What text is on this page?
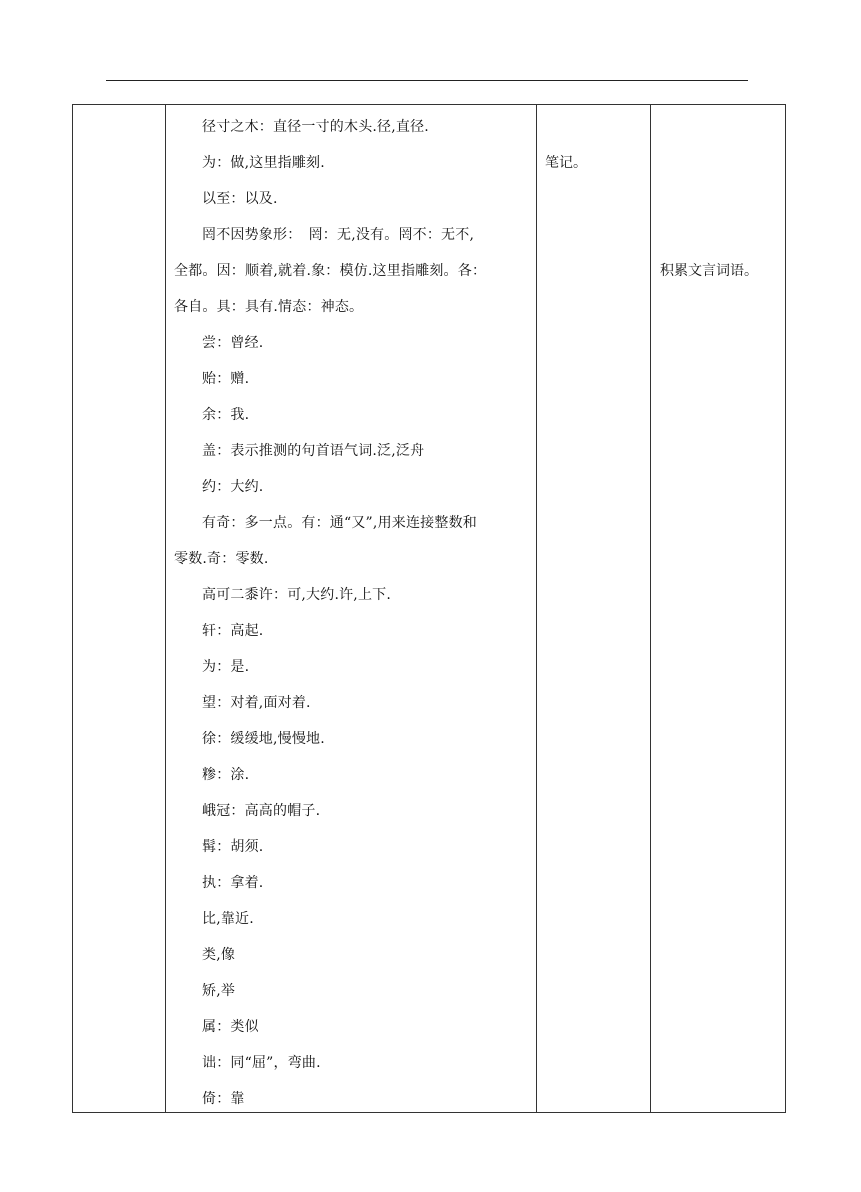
径寸之木：直径一寸的木头.径,直径.
为：做,这里指雕刻.
以至：以及.
罔不因势象形：　罔：无,没有。罔不：无不,
全都。因：顺着,就着.象：模仿.这里指雕刻。各：
各自。具：具有.情态：神态。
尝：曾经.
贻：赠.
余：我.
盖：表示推测的句首语气词.泛,泛舟
约：大约.
有奇：多一点。有：通“又”,用来连接整数和
零数.奇：零数.
高可二黍许：可,大约.许,上下.
轩：高起.
为：是.
望：对着,面对着.
徐：缓缓地,慢慢地.
糁：涂.
峨冠：高高的帽子.
髯：胡须.
执：拿着.
比,靠近.
类,像
矫,举
属：类似
诎：同“屈”，弯曲.
倚：靠
笔记。
积累文言词语。
